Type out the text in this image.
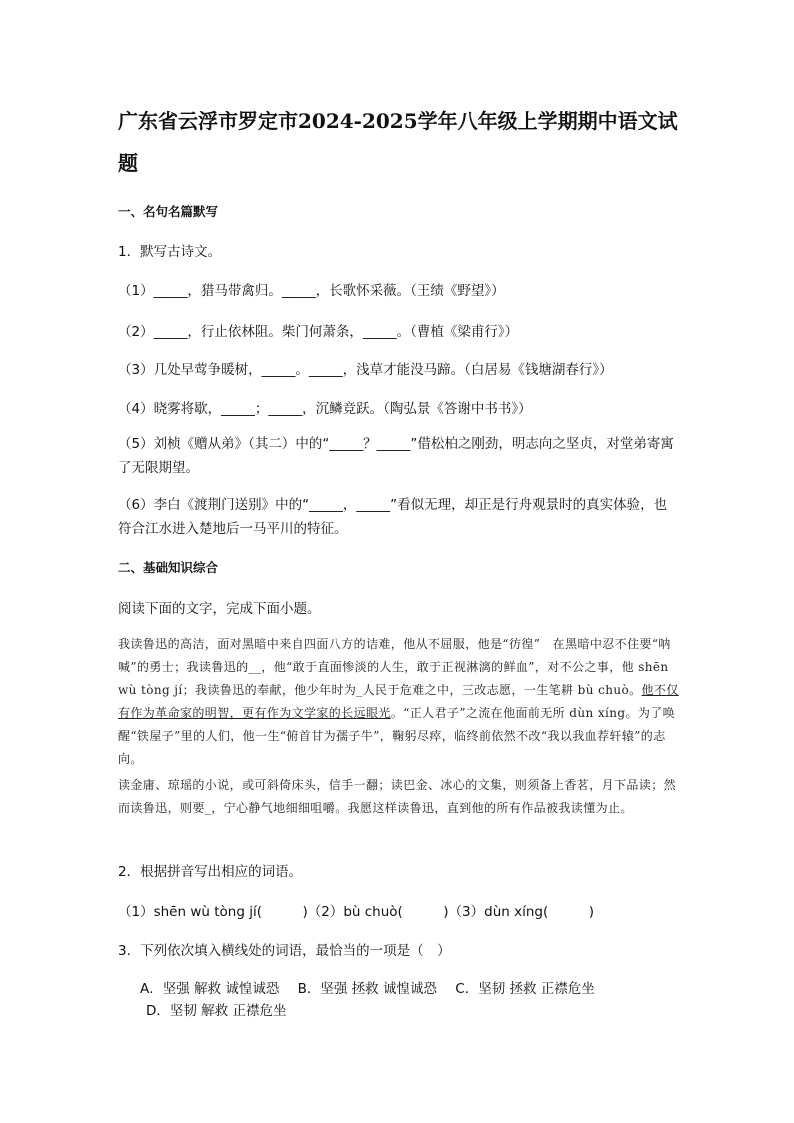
广东省云浮市罗定市2024-2025学年八年级上学期期中语文试题
一、名句名篇默写
1．默写古诗文。
（1）_____，猎马带禽归。_____，长歌怀采薇。（王绩《野望》）
（2）_____，行止依林阻。柴门何萧条，_____。（曹植《梁甫行》）
（3）几处早莺争暖树，_____。_____，浅草才能没马蹄。（白居易《钱塘湖春行》）
（4）晓雾将歇，_____；_____，沉鳞竞跃。（陶弘景《答谢中书书》）
（5）刘桢《赠从弟》（其二）中的“_____？_____”借松柏之刚劲，明志向之坚贞，对堂弟寄寓了无限期望。
（6）李白《渡荆门送别》中的“_____，_____”看似无理，却正是行舟观景时的真实体验，也符合江水进入楚地后一马平川的特征。
二、基础知识综合
阅读下面的文字，完成下面小题。
我读鲁迅的高洁，面对黑暗中来自四面八方的诘难，他从不屈服，他是“彷徨”　在黑暗中忍不住要“呐喊”的勇士；我读鲁迅的__，他“敢于直面惨淡的人生，敢于正视淋漓的鲜血”，对不公之事，他 shēn wù tòng jí；我读鲁迅的奉献，他少年时为_人民于危难之中，三改志愿，一生笔耕 bù chuò。他不仅有作为革命家的明智，更有作为文学家的长远眼光。“正人君子”之流在他面前无所 dùn xíng。为了唤醒“铁屋子”里的人们，他一生“俯首甘为孺子牛”，鞠躬尽瘁，临终前依然不改“我以我血荐轩辕”的志向。
读金庸、琼瑶的小说，或可斜倚床头，信手一翻；读巴金、冰心的文集，则须备上香茗，月下品读；然而读鲁迅，则要_，宁心静气地细细咀嚼。我愿这样读鲁迅，直到他的所有作品被我读懂为止。
2．根据拼音写出相应的词语。
（1）shēn wù tòng jí(　　　)（2）bù chuò(　　　)（3）dùn xíng(　　　)
3．下列依次填入横线处的词语，最恰当的一项是（　）
A．坚强 解救 诚惶诚恐 B．坚强 拯救 诚惶诚恐 C．坚韧 拯救 正襟危坐 D．坚韧 解救 正襟危坐
